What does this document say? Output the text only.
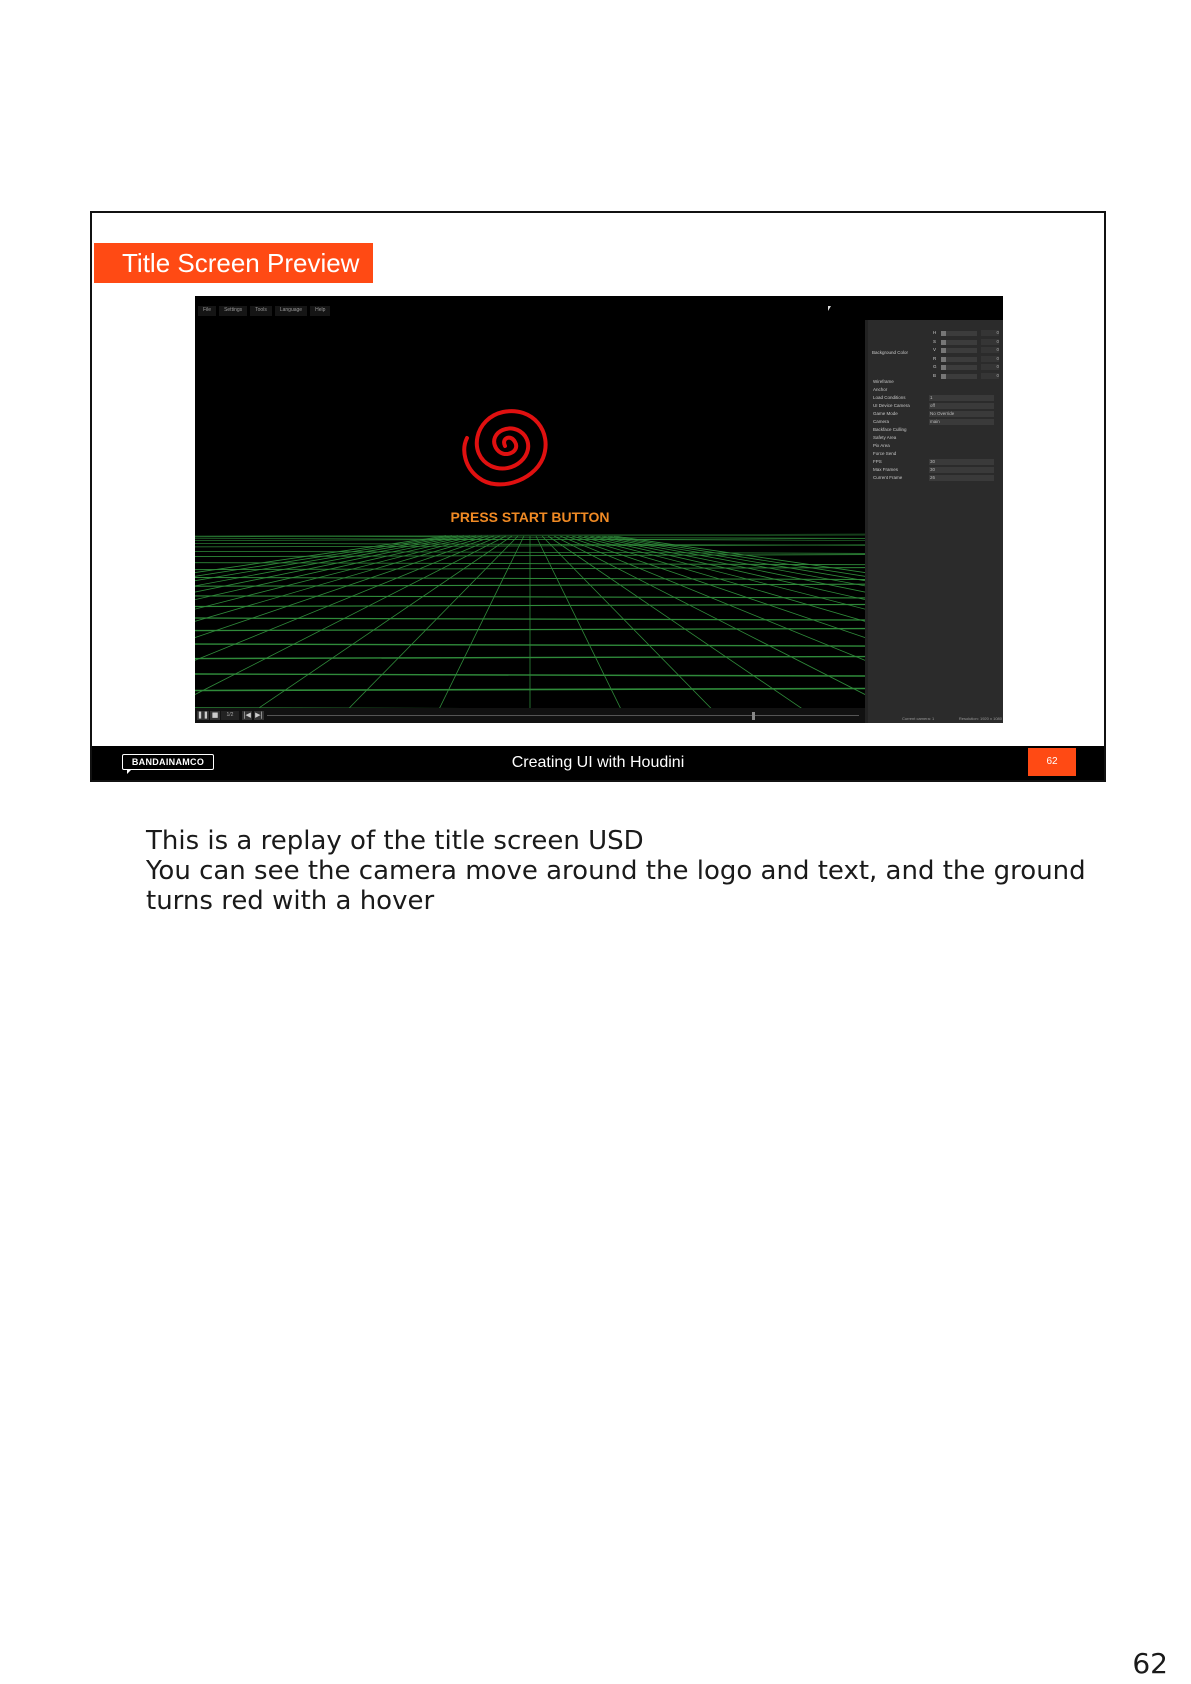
Title Screen Preview
File	Settings	Tools	Language	Help
PRESS START BUTTON
❚❚ ■	1/2	|◀ ▶|
Background Color
H	0
S	0
V	0
R	0
G	0
B	0
Wireframe
Anchor
Load Conditions	1
UI Device Camera	off
Game Mode	No Override
Camera	main
Backface Culling
Safety Area
Pix Area
Force Send
FPS	30
Max Frames	30
Current Frame	26
Current camera: 1	Resolution: 1920 x 1080
BANDAINAMCO	Creating UI with Houdini	62

This is a replay of the title screen USD

You can see the camera move around the logo and text, and the ground turns red with a hover

62
